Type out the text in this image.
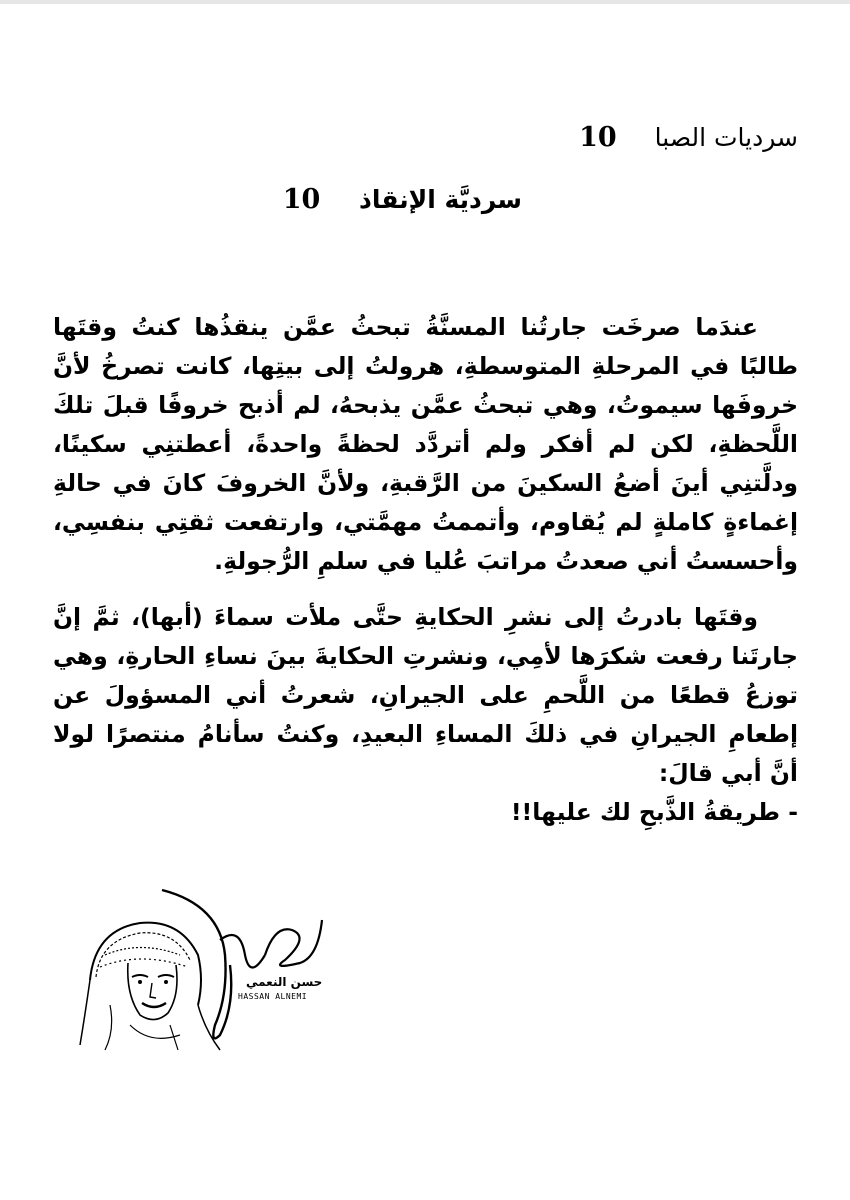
سرديات الصبا 10
سرديَّة الإنقاذ 10

عندَما صرخَت جارتُنا المسنَّةُ تبحثُ عمَّن ينقذُها كنتُ وقتَها طالبًا في المرحلةِ المتوسطةِ، هرولتُ إلى بيتِها، كانت تصرخُ لأنَّ خروفَها سيموتُ، وهي تبحثُ عمَّن يذبحهُ، لم أذبح خروفًا قبلَ تلكَ اللَّحظةِ، لكن لم أفكر ولم أتردَّد لحظةً واحدةً، أعطتنِي سكينًا، ودلَّتنِي أينَ أضعُ السكينَ من الرَّقبةِ، ولأنَّ الخروفَ كانَ في حالةِ إغماءةٍ كاملةٍ لم يُقاوم، وأتممتُ مهمَّتي، وارتفعت ثقتِي بنفسِي، وأحسستُ أني صعدتُ مراتبَ عُليا في سلمِ الرُّجولةِ.

وقتَها بادرتُ إلى نشرِ الحكايةِ حتَّى ملأت سماءَ (أبها)، ثمَّ إنَّ جارتَنا رفعت شكرَها لأمِي، ونشرتِ الحكايةَ بينَ نساءِ الحارةِ، وهي توزعُ قطعًا من اللَّحمِ على الجيرانِ، شعرتُ أني المسؤولَ عن إطعامِ الجيرانِ في ذلكَ المساءِ البعيدِ، وكنتُ سأنامُ منتصرًا لولا أنَّ أبي قالَ:

- طريقةُ الذَّبحِ لك عليها!!

حسن النعمي
HASSAN ALNEMI
